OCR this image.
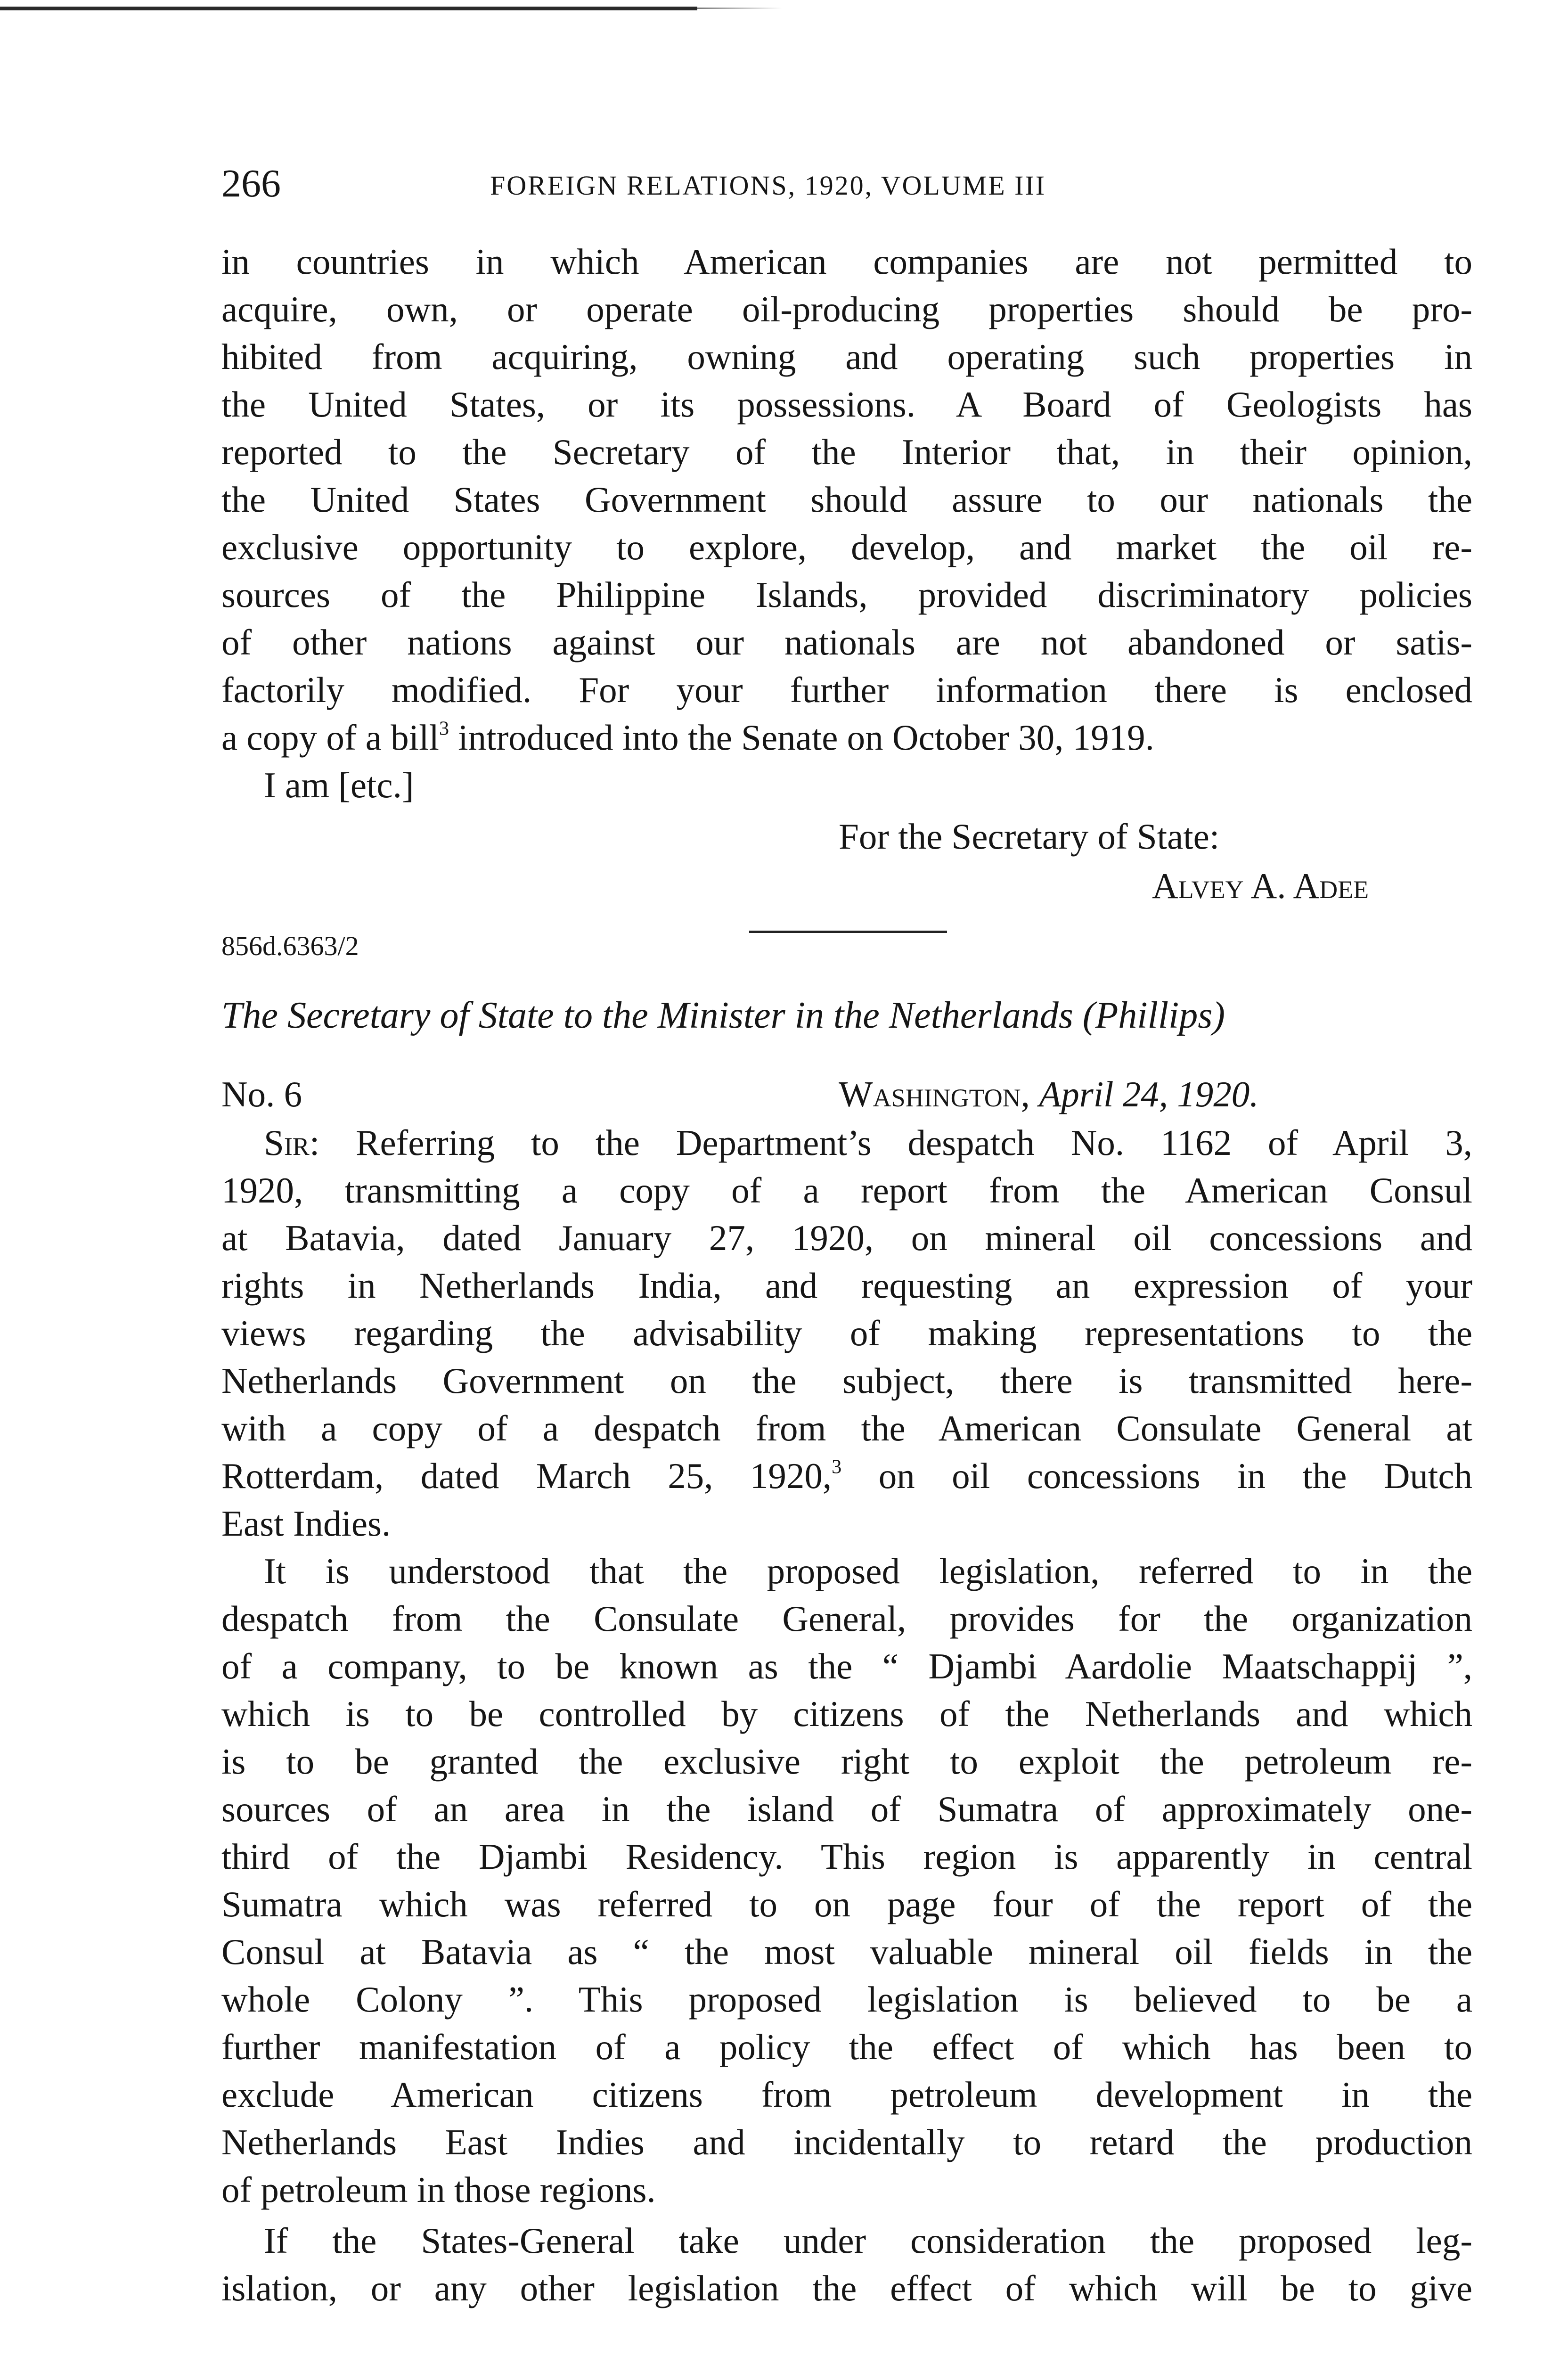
266	FOREIGN RELATIONS, 1920, VOLUME III
in countries in which American companies are not permitted to
acquire, own, or operate oil-producing properties should be pro-
hibited from acquiring, owning and operating such properties in
the United States, or its possessions. A Board of Geologists has
reported to the Secretary of the Interior that, in their opinion,
the United States Government should assure to our nationals the
exclusive opportunity to explore, develop, and market the oil re-
sources of the Philippine Islands, provided discriminatory policies
of other nations against our nationals are not abandoned or satis-
factorily modified. For your further information there is enclosed
a copy of a bill$^3$ introduced into the Senate on October 30, 1919.
I am [etc.]
For the Secretary of State:
Alvey A. Adee
856d.6363/2
The Secretary of State to the Minister in the Netherlands (Phillips)
No. 6	Washington, April 24, 1920.
Sir: Referring to the Department’s despatch No. 1162 of April 3,
1920, transmitting a copy of a report from the American Consul
at Batavia, dated January 27, 1920, on mineral oil concessions and
rights in Netherlands India, and requesting an expression of your
views regarding the advisability of making representations to the
Netherlands Government on the subject, there is transmitted here-
with a copy of a despatch from the American Consulate General at
Rotterdam, dated March 25, 1920,$^3$ on oil concessions in the Dutch
East Indies.
It is understood that the proposed legislation, referred to in the
despatch from the Consulate General, provides for the organization
of a company, to be known as the “ Djambi Aardolie Maatschappij ”,
which is to be controlled by citizens of the Netherlands and which
is to be granted the exclusive right to exploit the petroleum re-
sources of an area in the island of Sumatra of approximately one-
third of the Djambi Residency. This region is apparently in central
Sumatra which was referred to on page four of the report of the
Consul at Batavia as “ the most valuable mineral oil fields in the
whole Colony ”. This proposed legislation is believed to be a
further manifestation of a policy the effect of which has been to
exclude American citizens from petroleum development in the
Netherlands East Indies and incidentally to retard the production
of petroleum in those regions.
If the States-General take under consideration the proposed leg-
islation, or any other legislation the effect of which will be to give
